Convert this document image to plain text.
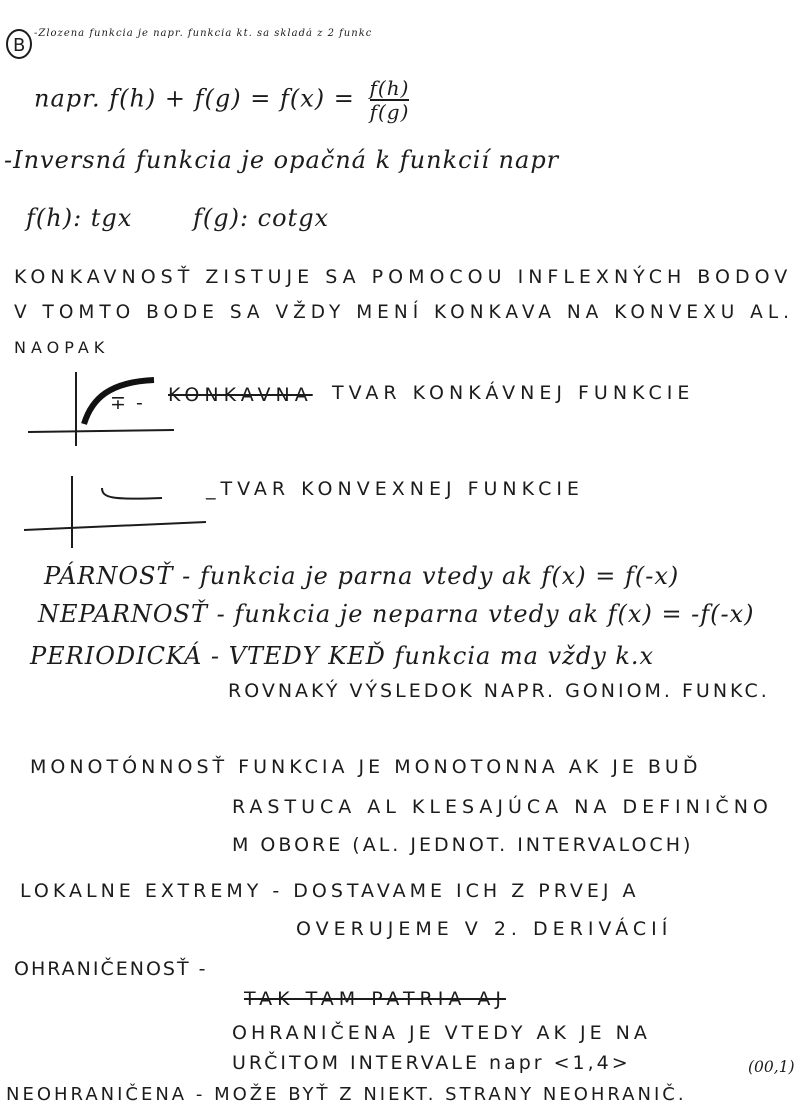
B
-Zlozena funkcia je napr. funkcia kt. sa skladá z 2 funkc
napr. $f(h) + f(g) = f(x) = \frac{f(h)}{f(g)}$
-Inversná funkcia je opačná k funkcií napr
f(h): tgx	f(g): cotgx
KONKAVNOSŤ ZISTUJE SA POMOCOU INFLEXNÝCH BODOV
V TOMTO BODE SA VŽDY MENÍ KONKAVA NA KONVEXU AL.
NAOPAK
∓ - KONKAVNA TVAR KONKÁVNEJ FUNKCIE
_TVAR KONVEXNEJ FUNKCIE
PÁRNOSŤ - funkcia je parna vtedy ak f(x) = f(-x)
NEPARNOSŤ - funkcia je neparna vtedy ak f(x) = -f(-x)
PERIODICKÁ - VTEDY KEĎ funkcia ma vždy k.x
ROVNAKÝ VÝSLEDOK NAPR. GONIOM. FUNKC.
MONOTÓNNOSŤ FUNKCIA JE MONOTONNA AK JE BUĎ
RASTUCA AL KLESAJÚCA NA DEFINIČNO
M OBORE (AL. JEDNOT. INTERVALOCH)
LOKALNE EXTREMY - DOSTAVAME ICH Z PRVEJ A
OVERUJEME V 2. DERIVÁCIÍ
OHRANIČENOSŤ -
TAK TAM PATRIA AJ
OHRANIČENA JE VTEDY AK JE NA
URČITOM INTERVALE napr <1,4>	(00,1)
NEOHRANIČENA - MOŽE BYŤ Z NIEKT. STRANY NEOHRANIČ.
